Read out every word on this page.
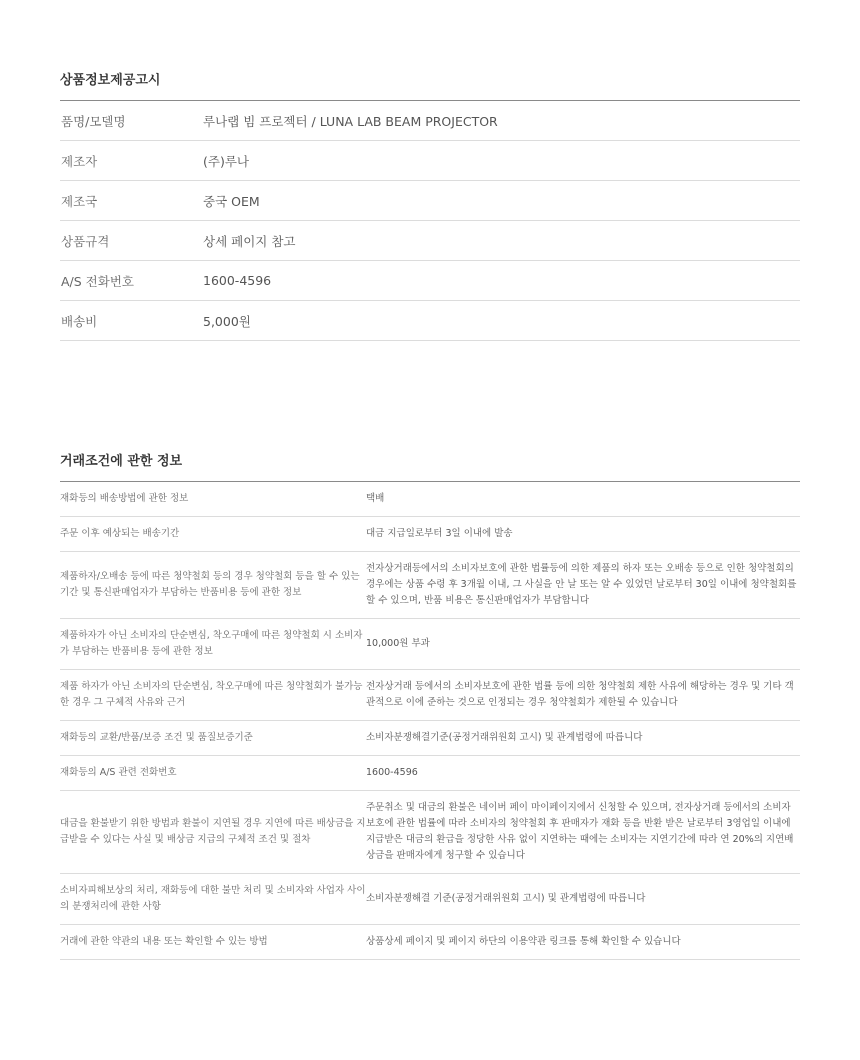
상품정보제공고시
품명/모델명	루나랩 빔 프로젝터 / LUNA LAB BEAM PROJECTOR
제조자	(주)루나
제조국	중국 OEM
상품규격	상세 페이지 참고
A/S 전화번호	1600-4596
배송비	5,000원
거래조건에 관한 정보
재화등의 배송방법에 관한 정보	택배
주문 이후 예상되는 배송기간	대금 지급일로부터 3일 이내에 발송
제품하자/오배송 등에 따른 청약철회 등의 경우 청약철회 등을 할 수 있는 기간 및 통신판매업자가 부담하는 반품비용 등에 관한 정보	전자상거래등에서의 소비자보호에 관한 법률등에 의한 제품의 하자 또는 오배송 등으로 인한 청약철회의 경우에는 상품 수령 후 3개월 이내, 그 사실을 안 날 또는 알 수 있었던 날로부터 30일 이내에 청약철회를 할 수 있으며, 반품 비용은 통신판매업자가 부담합니다
제품하자가 아닌 소비자의 단순변심, 착오구매에 따른 청약철회 시 소비자가 부담하는 반품비용 등에 관한 정보	10,000원 부과
제품 하자가 아닌 소비자의 단순변심, 착오구매에 따른 청약철회가 불가능한 경우 그 구체적 사유와 근거	전자상거래 등에서의 소비자보호에 관한 법률 등에 의한 청약철회 제한 사유에 해당하는 경우 및 기타 객관적으로 이에 준하는 것으로 인정되는 경우 청약철회가 제한될 수 있습니다
재화등의 교환/반품/보증 조건 및 품질보증기준	소비자분쟁해결기준(공정거래위원회 고시) 및 관계법령에 따릅니다
재화등의 A/S 관련 전화번호	1600-4596
대금을 환불받기 위한 방법과 환불이 지연될 경우 지연에 따른 배상금을 지급받을 수 있다는 사실 및 배상금 지급의 구체적 조건 및 절차	주문취소 및 대금의 환불은 네이버 페이 마이페이지에서 신청할 수 있으며, 전자상거래 등에서의 소비자 보호에 관한 법률에 따라 소비자의 청약철회 후 판매자가 재화 등을 반환 받은 날로부터 3영업일 이내에 지급받은 대금의 환급을 정당한 사유 없이 지연하는 때에는 소비자는 지연기간에 따라 연 20%의 지연배상금을 판매자에게 청구할 수 있습니다
소비자피해보상의 처리, 재화등에 대한 불만 처리 및 소비자와 사업자 사이의 분쟁처리에 관한 사항	소비자분쟁해결 기준(공정거래위원회 고시) 및 관계법령에 따릅니다
거래에 관한 약관의 내용 또는 확인할 수 있는 방법	상품상세 페이지 및 페이지 하단의 이용약관 링크를 통해 확인할 수 있습니다
